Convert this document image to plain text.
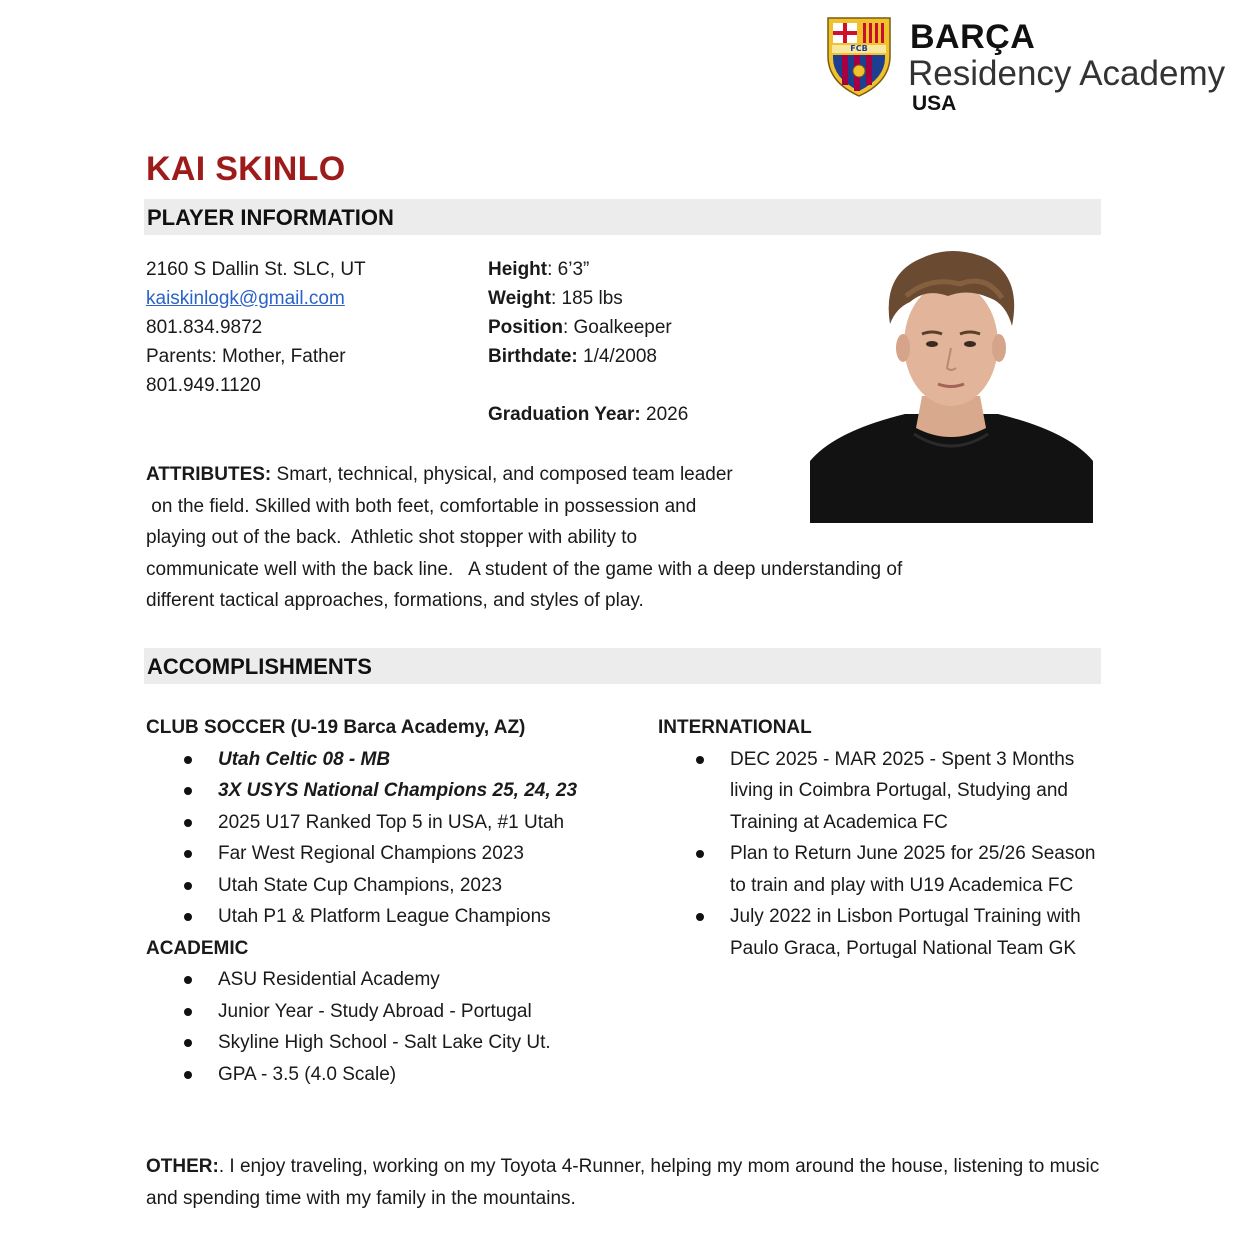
FCB BARÇA
Residency Academy
USA
KAI SKINLO
PLAYER INFORMATION
2160 S Dallin St. SLC, UT
kaiskinlogk@gmail.com
801.834.9872
Parents: Mother, Father
801.949.1120
Height: 6’3”
Weight: 185 lbs
Position: Goalkeeper
Birthdate: 1/4/2008
Graduation Year: 2026
ATTRIBUTES: Smart, technical, physical, and composed team leader
on the field. Skilled with both feet, comfortable in possession and
playing out of the back.  Athletic shot stopper with ability to
communicate well with the back line.   A student of the game with a deep understanding of
different tactical approaches, formations, and styles of play.
ACCOMPLISHMENTS
CLUB SOCCER (U-19 Barca Academy, AZ)
Utah Celtic 08 - MB
3X USYS National Champions 25, 24, 23
2025 U17 Ranked Top 5 in USA, #1 Utah
Far West Regional Champions 2023
Utah State Cup Champions, 2023
Utah P1 & Platform League Champions
ACADEMIC
ASU Residential Academy
Junior Year - Study Abroad - Portugal
Skyline High School - Salt Lake City Ut.
GPA - 3.5 (4.0 Scale)
INTERNATIONAL
DEC 2025 - MAR 2025 - Spent 3 Months living in Coimbra Portugal, Studying and Training at Academica FC
Plan to Return June 2025 for 25/26 Season to train and play with U19 Academica FC
July 2022 in Lisbon Portugal Training with Paulo Graca, Portugal National Team GK
OTHER:. I enjoy traveling, working on my Toyota 4-Runner, helping my mom around the house, listening to music and spending time with my family in the mountains.
